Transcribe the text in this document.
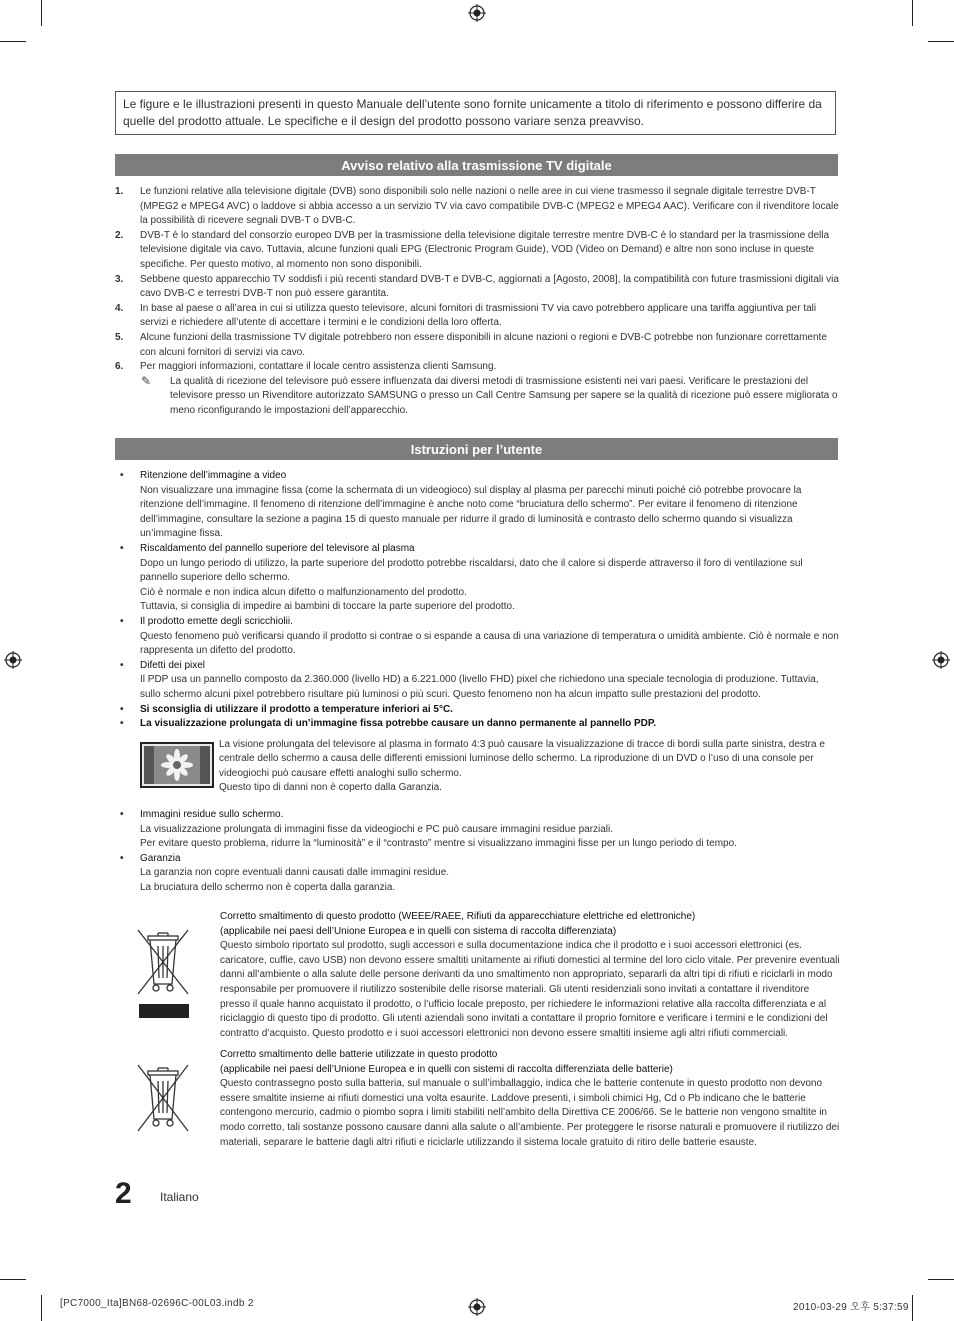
Le figure e le illustrazioni presenti in questo Manuale dell’utente sono fornite unicamente a titolo di riferimento e possono differire da quelle del prodotto attuale. Le specifiche e il design del prodotto possono variare senza preavviso.
Avviso relativo alla trasmissione TV digitale
1. Le funzioni relative alla televisione digitale (DVB) sono disponibili solo nelle nazioni o nelle aree in cui viene trasmesso il segnale digitale terrestre DVB-T (MPEG2 e MPEG4 AVC) o laddove si abbia accesso a un servizio TV via cavo compatibile DVB-C (MPEG2 e MPEG4 AAC). Verificare con il rivenditore locale la possibilità di ricevere segnali DVB-T o DVB-C.
2. DVB-T è lo standard del consorzio europeo DVB per la trasmissione della televisione digitale terrestre mentre DVB-C è lo standard per la trasmissione della televisione digitale via cavo. Tuttavia, alcune funzioni quali EPG (Electronic Program Guide), VOD (Video on Demand) e altre non sono incluse in queste specifiche. Per questo motivo, al momento non sono disponibili.
3. Sebbene questo apparecchio TV soddisfi i più recenti standard DVB-T e DVB-C, aggiornati a [Agosto, 2008], la compatibilità con future trasmissioni digitali via cavo DVB-C e terrestri DVB-T non può essere garantita.
4. In base al paese o all’area in cui si utilizza questo televisore, alcuni fornitori di trasmissioni TV via cavo potrebbero applicare una tariffa aggiuntiva per tali servizi e richiedere all’utente di accettare i termini e le condizioni della loro offerta.
5. Alcune funzioni della trasmissione TV digitale potrebbero non essere disponibili in alcune nazioni o regioni e DVB-C potrebbe non funzionare correttamente con alcuni fornitori di servizi via cavo.
6. Per maggiori informazioni, contattare il locale centro assistenza clienti Samsung.
✎ La qualità di ricezione del televisore può essere influenzata dai diversi metodi di trasmissione esistenti nei vari paesi. Verificare le prestazioni del televisore presso un Rivenditore autorizzato SAMSUNG o presso un Call Centre Samsung per sapere se la qualità di ricezione può essere migliorata o meno riconfigurando le impostazioni dell’apparecchio.
Istruzioni per l’utente
• Ritenzione dell’immagine a video
Non visualizzare una immagine fissa (come la schermata di un videogioco) sul display al plasma per parecchi minuti poiché ciò potrebbe provocare la ritenzione dell’immagine. Il fenomeno di ritenzione dell’immagine è anche noto come “bruciatura dello schermo”. Per evitare il fenomeno di ritenzione dell’immagine, consultare la sezione a pagina 15 di questo manuale per ridurre il grado di luminosità e contrasto dello schermo quando si visualizza un’immagine fissa.
• Riscaldamento del pannello superiore del televisore al plasma
Dopo un lungo periodo di utilizzo, la parte superiore del prodotto potrebbe riscaldarsi, dato che il calore si disperde attraverso il foro di ventilazione sul pannello superiore dello schermo.
Ciò è normale e non indica alcun difetto o malfunzionamento del prodotto.
Tuttavia, si consiglia di impedire ai bambini di toccare la parte superiore del prodotto.
• Il prodotto emette degli scricchiolii.
Questo fenomeno può verificarsi quando il prodotto si contrae o si espande a causa di una variazione di temperatura o umidità ambiente. Ciò è normale e non rappresenta un difetto del prodotto.
• Difetti dei pixel
Il PDP usa un pannello composto da 2.360.000 (livello HD) a 6.221.000 (livello FHD) pixel che richiedono una speciale tecnologia di produzione. Tuttavia, sullo schermo alcuni pixel potrebbero risultare più luminosi o più scuri. Questo fenomeno non ha alcun impatto sulle prestazioni del prodotto.
• Si sconsiglia di utilizzare il prodotto a temperature inferiori ai 5°C.
• La visualizzazione prolungata di un’immagine fissa potrebbe causare un danno permanente al pannello PDP.
La visione prolungata del televisore al plasma in formato 4:3 può causare la visualizzazione di tracce di bordi sulla parte sinistra, destra e centrale dello schermo a causa delle differenti emissioni luminose dello schermo. La riproduzione di un DVD o l’uso di una console per videogiochi può causare effetti analoghi sullo schermo.
Questo tipo di danni non è coperto dalla Garanzia.
• Immagini residue sullo schermo.
La visualizzazione prolungata di immagini fisse da videogiochi e PC può causare immagini residue parziali.
Per evitare questo problema, ridurre la “luminosità” e il “contrasto” mentre si visualizzano immagini fisse per un lungo periodo di tempo.
• Garanzia
La garanzia non copre eventuali danni causati dalle immagini residue.
La bruciatura dello schermo non è coperta dalla garanzia.
Corretto smaltimento di questo prodotto (WEEE/RAEE, Rifiuti da apparecchiature elettriche ed elettroniche)
(applicabile nei paesi dell’Unione Europea e in quelli con sistema di raccolta differenziata)
Questo simbolo riportato sul prodotto, sugli accessori e sulla documentazione indica che il prodotto e i suoi accessori elettronici (es. caricatore, cuffie, cavo USB) non devono essere smaltiti unitamente ai rifiuti domestici al termine del loro ciclo vitale. Per prevenire eventuali danni all’ambiente o alla salute delle persone derivanti da uno smaltimento non appropriato, separarli da altri tipi di rifiuti e riciclarli in modo responsabile per promuovere il riutilizzo sostenibile delle risorse materiali. Gli utenti residenziali sono invitati a contattare il rivenditore presso il quale hanno acquistato il prodotto, o l’ufficio locale preposto, per richiedere le informazioni relative alla raccolta differenziata e al riciclaggio di questo tipo di prodotto. Gli utenti aziendali sono invitati a contattare il proprio fornitore e verificare i termini e le condizioni del contratto d’acquisto. Questo prodotto e i suoi accessori elettronici non devono essere smaltiti insieme agli altri rifiuti commerciali.
Corretto smaltimento delle batterie utilizzate in questo prodotto
(applicabile nei paesi dell’Unione Europea e in quelli con sistemi di raccolta differenziata delle batterie)
Questo contrassegno posto sulla batteria, sul manuale o sull’imballaggio, indica che le batterie contenute in questo prodotto non devono essere smaltite insieme ai rifiuti domestici una volta esaurite. Laddove presenti, i simboli chimici Hg, Cd o Pb indicano che le batterie contengono mercurio, cadmio o piombo sopra i limiti stabiliti nell’ambito della Direttiva CE 2006/66. Se le batterie non vengono smaltite in modo corretto, tali sostanze possono causare danni alla salute o all’ambiente. Per proteggere le risorse naturali e promuovere il riutilizzo dei materiali, separare le batterie dagli altri rifiuti e riciclarle utilizzando il sistema locale gratuito di ritiro delle batterie esauste.
2 Italiano
[PC7000_Ita]BN68-02696C-00L03.indb 2	2010-03-29 오후 5:37:59
